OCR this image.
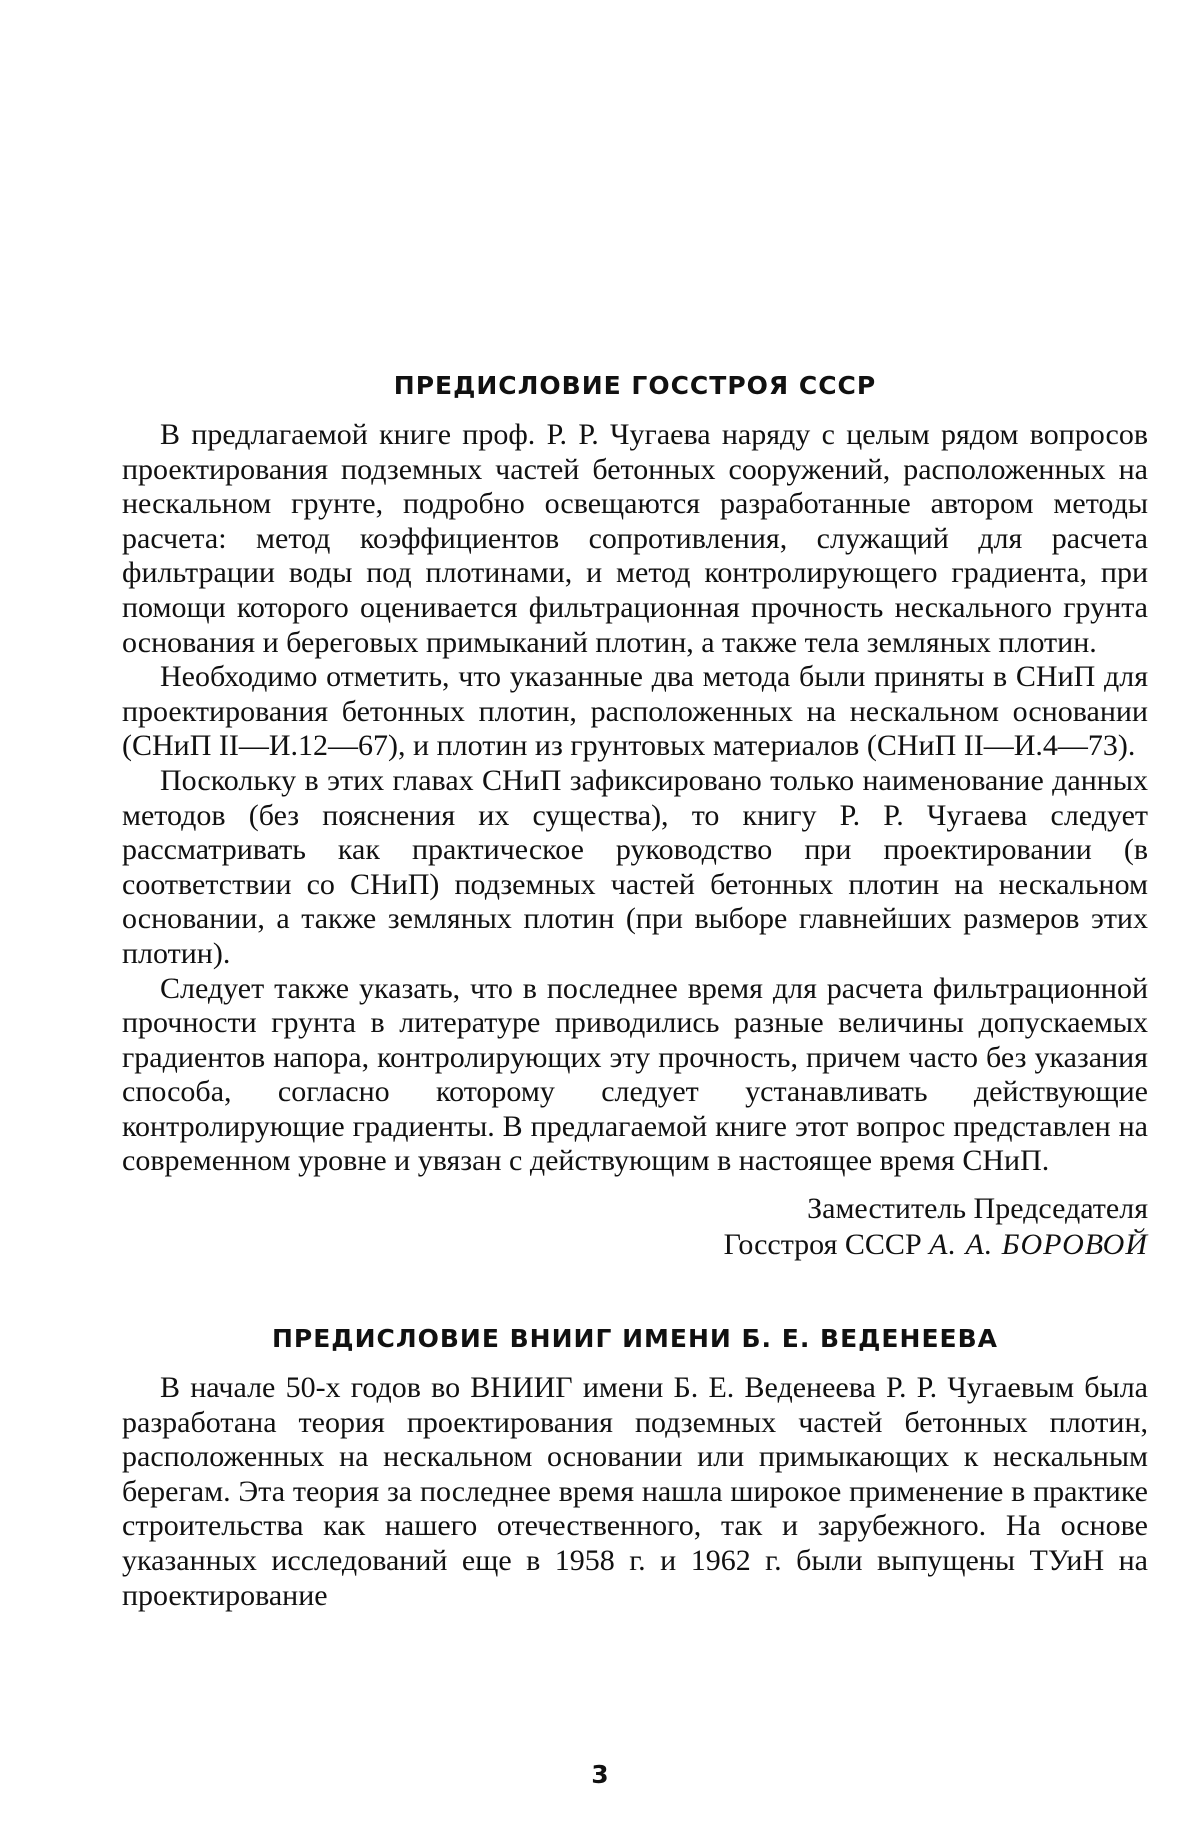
ПРЕДИСЛОВИЕ ГОССТРОЯ СССР

В предлагаемой книге проф. Р. Р. Чугаева наряду с целым рядом вопросов проектирования подземных частей бетонных сооружений, расположенных на нескальном грунте, подробно освещаются разработанные автором методы расчета: метод коэффициентов сопротивления, служащий для расчета фильтрации воды под плотинами, и метод контролирующего градиента, при помощи которого оценивается фильтрационная прочность нескального грунта основания и береговых примыканий плотин, а также тела земляных плотин.

Необходимо отметить, что указанные два метода были приняты в СНиП для проектирования бетонных плотин, расположенных на нескальном основании (СНиП II—И.12—67), и плотин из грунтовых материалов (СНиП II—И.4—73).

Поскольку в этих главах СНиП зафиксировано только наименование данных методов (без пояснения их существа), то книгу Р. Р. Чугаева следует рассматривать как практическое руководство при проектировании (в соответствии со СНиП) подземных частей бетонных плотин на нескальном основании, а также земляных плотин (при выборе главнейших размеров этих плотин).

Следует также указать, что в последнее время для расчета фильтрационной прочности грунта в литературе приводились разные величины допускаемых градиентов напора, контролирующих эту прочность, причем часто без указания способа, согласно которому следует устанавливать действующие контролирующие градиенты. В предлагаемой книге этот вопрос представлен на современном уровне и увязан с действующим в настоящее время СНиП.

Заместитель Председателя
Госстроя СССР А. А. БОРОВОЙ
ПРЕДИСЛОВИЕ ВНИИГ ИМЕНИ Б. Е. ВЕДЕНЕЕВА

В начале 50-х годов во ВНИИГ имени Б. Е. Веденеева Р. Р. Чугаевым была разработана теория проектирования подземных частей бетонных плотин, расположенных на нескальном основании или примыкающих к нескальным берегам. Эта теория за последнее время нашла широкое применение в практике строительства как нашего отечественного, так и зарубежного. На основе указанных исследований еще в 1958 г. и 1962 г. были выпущены ТУиН на проектирование

3
